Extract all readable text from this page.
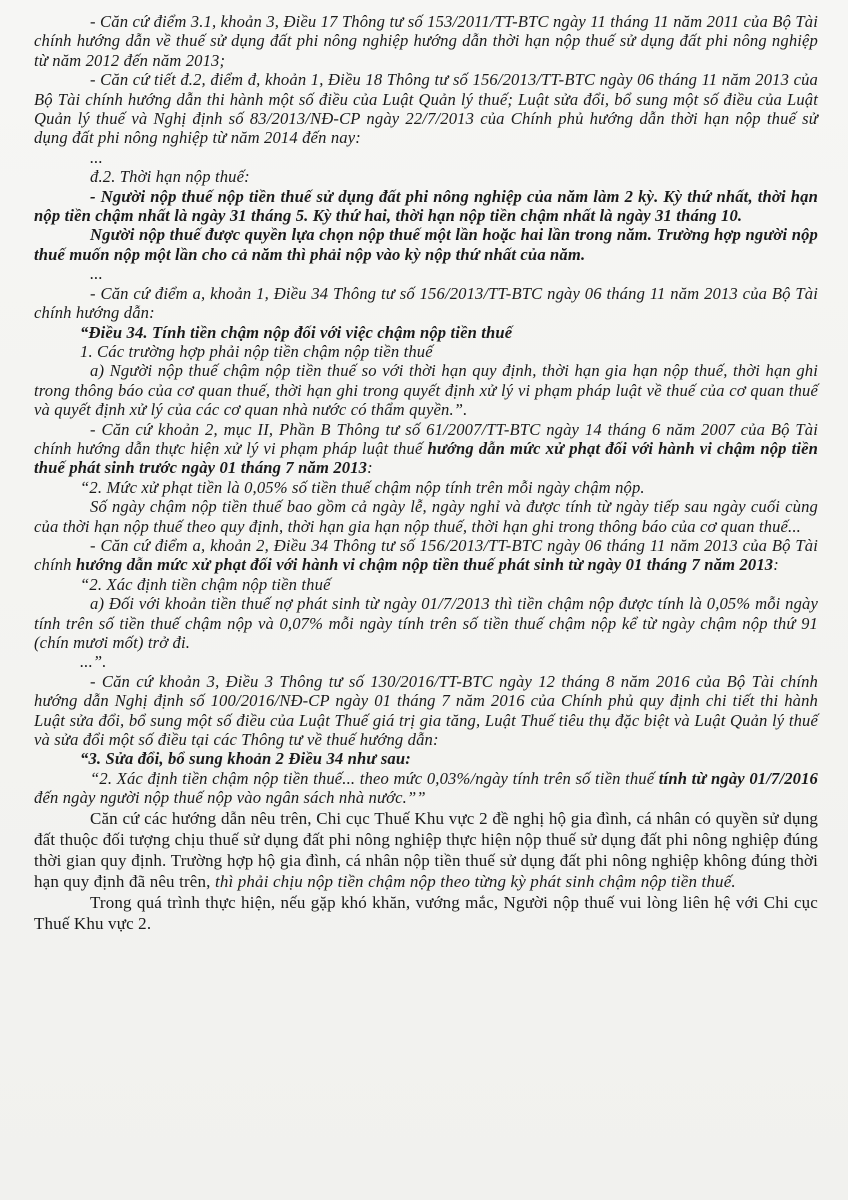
- Căn cứ điểm 3.1, khoản 3, Điều 17 Thông tư số 153/2011/TT-BTC ngày 11 tháng 11 năm 2011 của Bộ Tài chính hướng dẫn về thuế sử dụng đất phi nông nghiệp hướng dẫn thời hạn nộp thuế sử dụng đất phi nông nghiệp từ năm 2012 đến năm 2013;

- Căn cứ tiết đ.2, điểm đ, khoản 1, Điều 18 Thông tư số 156/2013/TT-BTC ngày 06 tháng 11 năm 2013 của Bộ Tài chính hướng dẫn thi hành một số điều của Luật Quản lý thuế; Luật sửa đổi, bổ sung một số điều của Luật Quản lý thuế và Nghị định số 83/2013/NĐ-CP ngày 22/7/2013 của Chính phủ hướng dẫn thời hạn nộp thuế sử dụng đất phi nông nghiệp từ năm 2014 đến nay:

...

đ.2. Thời hạn nộp thuế:

- Người nộp thuế nộp tiền thuế sử dụng đất phi nông nghiệp của năm làm 2 kỳ. Kỳ thứ nhất, thời hạn nộp tiền chậm nhất là ngày 31 tháng 5. Kỳ thứ hai, thời hạn nộp tiền chậm nhất là ngày 31 tháng 10.

Người nộp thuế được quyền lựa chọn nộp thuế một lần hoặc hai lần trong năm. Trường hợp người nộp thuế muốn nộp một lần cho cả năm thì phải nộp vào kỳ nộp thứ nhất của năm.

...

- Căn cứ điểm a, khoản 1, Điều 34 Thông tư số 156/2013/TT-BTC ngày 06 tháng 11 năm 2013 của Bộ Tài chính hướng dẫn:

“Điều 34. Tính tiền chậm nộp đối với việc chậm nộp tiền thuế

1. Các trường hợp phải nộp tiền chậm nộp tiền thuế

a) Người nộp thuế chậm nộp tiền thuế so với thời hạn quy định, thời hạn gia hạn nộp thuế, thời hạn ghi trong thông báo của cơ quan thuế, thời hạn ghi trong quyết định xử lý vi phạm pháp luật về thuế của cơ quan thuế và quyết định xử lý của các cơ quan nhà nước có thẩm quyền.”.

- Căn cứ khoản 2, mục II, Phần B Thông tư số 61/2007/TT-BTC ngày 14 tháng 6 năm 2007 của Bộ Tài chính hướng dẫn thực hiện xử lý vi phạm pháp luật thuế hướng dẫn mức xử phạt đối với hành vi chậm nộp tiền thuế phát sinh trước ngày 01 tháng 7 năm 2013:

“2. Mức xử phạt tiền là 0,05% số tiền thuế chậm nộp tính trên mỗi ngày chậm nộp.

Số ngày chậm nộp tiền thuế bao gồm cả ngày lễ, ngày nghỉ và được tính từ ngày tiếp sau ngày cuối cùng của thời hạn nộp thuế theo quy định, thời hạn gia hạn nộp thuế, thời hạn ghi trong thông báo của cơ quan thuế...

- Căn cứ điểm a, khoản 2, Điều 34 Thông tư số 156/2013/TT-BTC ngày 06 tháng 11 năm 2013 của Bộ Tài chính hướng dẫn mức xử phạt đối với hành vi chậm nộp tiền thuế phát sinh từ ngày 01 tháng 7 năm 2013:

“2. Xác định tiền chậm nộp tiền thuế

a) Đối với khoản tiền thuế nợ phát sinh từ ngày 01/7/2013 thì tiền chậm nộp được tính là 0,05% mỗi ngày tính trên số tiền thuế chậm nộp và 0,07% mỗi ngày tính trên số tiền thuế chậm nộp kể từ ngày chậm nộp thứ 91 (chín mươi mốt) trở đi.

...”.

- Căn cứ khoản 3, Điều 3 Thông tư số 130/2016/TT-BTC ngày 12 tháng 8 năm 2016 của Bộ Tài chính hướng dẫn Nghị định số 100/2016/NĐ-CP ngày 01 tháng 7 năm 2016 của Chính phủ quy định chi tiết thi hành Luật sửa đổi, bổ sung một số điều của Luật Thuế giá trị gia tăng, Luật Thuế tiêu thụ đặc biệt và Luật Quản lý thuế và sửa đổi một số điều tại các Thông tư về thuế hướng dẫn:

“3. Sửa đổi, bổ sung khoản 2 Điều 34 như sau:

“2. Xác định tiền chậm nộp tiền thuế... theo mức 0,03%/ngày tính trên số tiền thuế tính từ ngày 01/7/2016 đến ngày người nộp thuế nộp vào ngân sách nhà nước.””

Căn cứ các hướng dẫn nêu trên, Chi cục Thuế Khu vực 2 đề nghị hộ gia đình, cá nhân có quyền sử dụng đất thuộc đối tượng chịu thuế sử dụng đất phi nông nghiệp thực hiện nộp thuế sử dụng đất phi nông nghiệp đúng thời gian quy định. Trường hợp hộ gia đình, cá nhân nộp tiền thuế sử dụng đất phi nông nghiệp không đúng thời hạn quy định đã nêu trên, thì phải chịu nộp tiền chậm nộp theo từng kỳ phát sinh chậm nộp tiền thuế.

Trong quá trình thực hiện, nếu gặp khó khăn, vướng mắc, Người nộp thuế vui lòng liên hệ với Chi cục Thuế Khu vực 2.
